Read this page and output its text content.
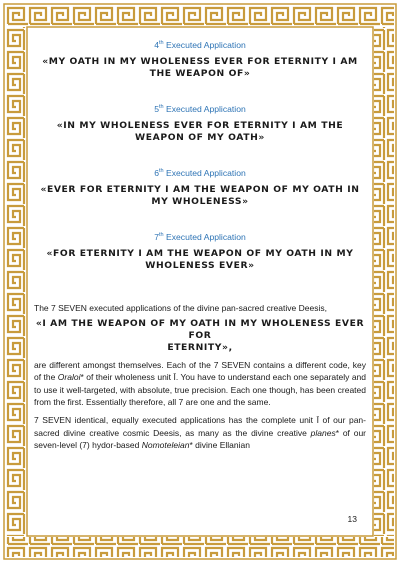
4th Executed Application

«MY OATH IN MY WHOLENESS EVER FOR ETERNITY I AM
THE WEAPON OF»

5th Executed Application

«IN MY WHOLENESS EVER FOR ETERNITY I AM THE
WEAPON OF MY OATH»

6th Executed Application

«EVER FOR ETERNITY I AM THE WEAPON OF MY OATH IN
MY WHOLENESS»

7th Executed Application

«FOR ETERNITY I AM THE WEAPON OF MY OATH IN MY
WHOLENESS EVER»

The 7 SEVEN executed applications of the divine pan-sacred creative Deesis,

«I AM THE WEAPON OF MY OATH IN MY WHOLENESS EVER FOR
ETERNITY»,

are different amongst themselves. Each of the 7 SEVEN contains a different code, key of the Oraloi* of their wholeness unit Ī. You have to understand each one separately and to use it well-targeted, with absolute, true precision. Each one though, has been created from the first. Essentially therefore, all 7 are one and the same.

7 SEVEN identical, equally executed applications has the complete unit Ī of our pan-sacred divine creative cosmic Deesis, as many as the divine creative planes* of our seven-level (7) hydor-based Nomoteleian* divine Ellanian

13
